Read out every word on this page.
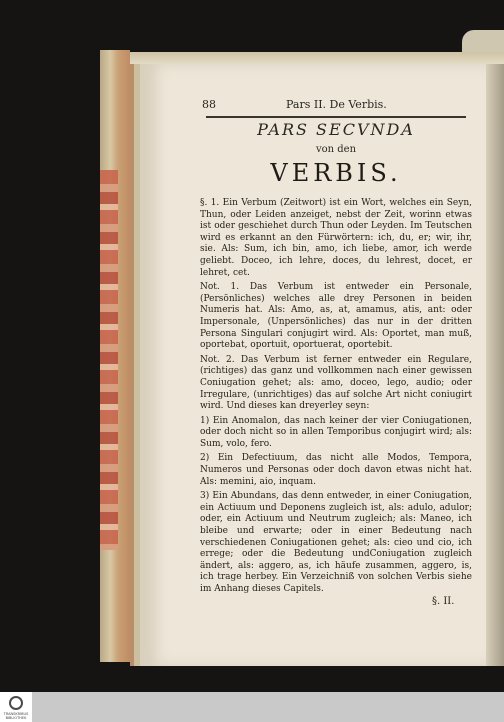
88	Pars II. De Verbis.
PARS SECVNDA
von den
VERBIS.

§. 1. Ein Verbum (Zeitwort) ist ein Wort, welches ein Seyn, Thun, oder Leiden anzeiget, nebst der Zeit, worinn etwas ist oder geschiehet durch Thun oder Leyden. Im Teutschen wird es erkannt an den Fürwörtern: ich, du, er; wir, ihr, sie. Als: Sum, ich bin, amo, ich liebe, amor, ich werde geliebt. Doceo, ich lehre, doces, du lehrest, docet, er lehret, cet.

Not. 1. Das Verbum ist entweder ein Personale, (Persönliches) welches alle drey Personen in beiden Numeris hat. Als: Amo, as, at, amamus, atis, ant: oder Impersonale, (Unpersönliches) das nur in der dritten Persona Singulari conjugirt wird. Als: Oportet, man muß, oportebat, oportuit, oportuerat, oportebit.

Not. 2. Das Verbum ist ferner entweder ein Regulare, (richtiges) das ganz und vollkommen nach einer gewissen Coniugation gehet; als: amo, doceo, lego, audio; oder Irregulare, (unrichtiges) das auf solche Art nicht coniugirt wird. Und dieses kan dreyerley seyn:

1) Ein Anomalon, das nach keiner der vier Coniugationen, oder doch nicht so in allen Temporibus conjugirt wird; als: Sum, volo, fero.

2) Ein Defectiuum, das nicht alle Modos, Tempora, Numeros und Personas oder doch davon etwas nicht hat. Als: memini, aio, inquam.

3) Ein Abundans, das denn entweder, in einer Coniugation, ein Actiuum und Deponens zugleich ist, als: adulo, adulor; oder, ein Actiuum und Neutrum zugleich; als: Maneo, ich bleibe und erwarte; oder in einer Bedeutung nach verschiedenen Coniugationen gehet; als: cieo und cio, ich errege; oder die Bedeutung undConiugation zugleich ändert, als: aggero, as, ich häufe zusammen, aggero, is, ich trage herbey. Ein Verzeichniß von solchen Verbis siehe im Anhang dieses Capitels.

§. II.
TRANSKRIBUS BIBLIOTHEK
